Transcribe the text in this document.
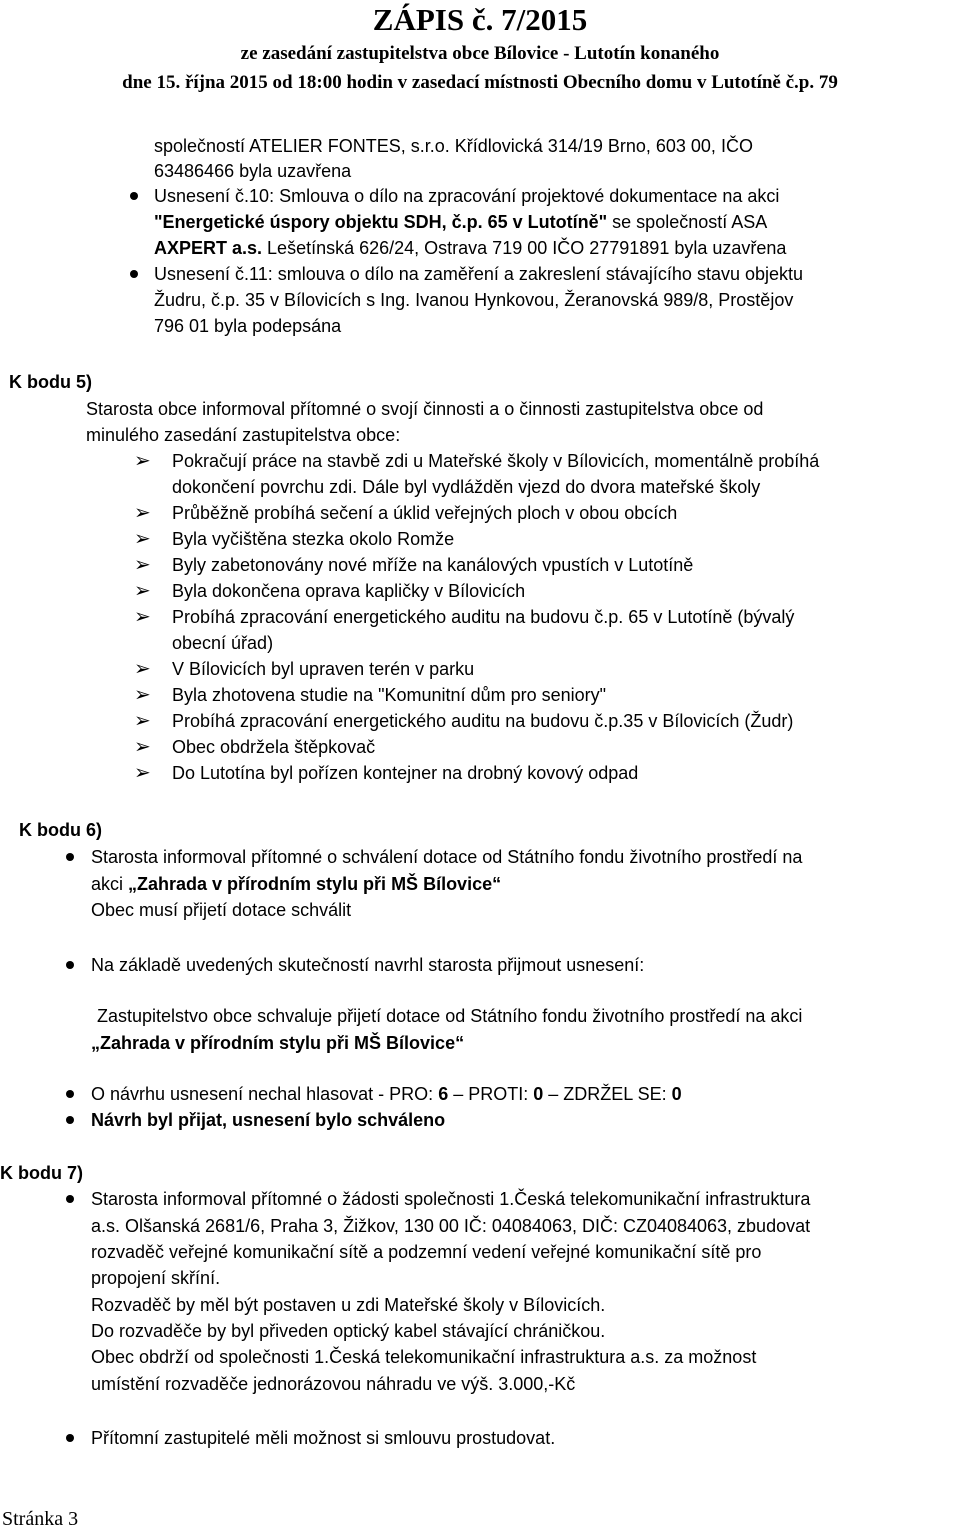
ZÁPIS č. 7/2015
ze zasedání zastupitelstva obce Bílovice - Lutotín konaného
dne 15. října 2015 od 18:00 hodin v zasedací místnosti Obecního domu v Lutotíně č.p. 79
společností ATELIER FONTES, s.r.o. Křídlovická 314/19 Brno, 603 00, IČO
63486466 byla uzavřena
Usnesení č.10: Smlouva o dílo na zpracování projektové dokumentace na akci
"Energetické úspory objektu SDH, č.p. 65 v Lutotíně" se společností ASA
AXPERT a.s. Lešetínská 626/24, Ostrava 719 00 IČO 27791891 byla uzavřena
Usnesení č.11: smlouva o dílo na zaměření a zakreslení stávajícího stavu objektu
Žudru, č.p. 35 v Bílovicích s Ing. Ivanou Hynkovou, Žeranovská 989/8, Prostějov
796 01 byla podepsána
K bodu 5)
Starosta obce informoval přítomné o svojí činnosti a o činnosti zastupitelstva obce od
minulého zasedání zastupitelstva obce:
➢ Pokračují práce na stavbě zdi u Mateřské školy v Bílovicích, momentálně probíhá
dokončení povrchu zdi. Dále byl vydlážděn vjezd do dvora mateřské školy
➢ Průběžně probíhá sečení a úklid veřejných ploch v obou obcích
➢ Byla vyčištěna stezka okolo Romže
➢ Byly zabetonovány nové mříže na kanálových vpustích v Lutotíně
➢ Byla dokončena oprava kapličky v Bílovicích
➢ Probíhá zpracování energetického auditu na budovu č.p. 65 v Lutotíně (bývalý
obecní úřad)
➢ V Bílovicích byl upraven terén v parku
➢ Byla zhotovena studie na "Komunitní dům pro seniory"
➢ Probíhá zpracování energetického auditu na budovu č.p.35 v Bílovicích (Žudr)
➢ Obec obdržela štěpkovač
➢ Do Lutotína byl pořízen kontejner na drobný kovový odpad
K bodu 6)
Starosta informoval přítomné o schválení dotace od Státního fondu životního prostředí na
akci „Zahrada v přírodním stylu při MŠ Bílovice“
Obec musí přijetí dotace schválit
Na základě uvedených skutečností navrhl starosta přijmout usnesení:
Zastupitelstvo obce schvaluje přijetí dotace od Státního fondu životního prostředí na akci
„Zahrada v přírodním stylu při MŠ Bílovice“
O návrhu usnesení nechal hlasovat - PRO: 6 – PROTI: 0 – ZDRŽEL SE: 0
Návrh byl přijat, usnesení bylo schváleno
K bodu 7)
Starosta informoval přítomné o žádosti společnosti 1.Česká telekomunikační infrastruktura
a.s. Olšanská 2681/6, Praha 3, Žižkov, 130 00 IČ: 04084063, DIČ: CZ04084063, zbudovat
rozvaděč veřejné komunikační sítě a podzemní vedení veřejné komunikační sítě pro
propojení skříní.
Rozvaděč by měl být postaven u zdi Mateřské školy v Bílovicích.
Do rozvaděče by byl přiveden optický kabel stávající chráničkou.
Obec obdrží od společnosti 1.Česká telekomunikační infrastruktura a.s. za možnost
umístění rozvaděče jednorázovou náhradu ve výš. 3.000,-Kč
Přítomní zastupitelé měli možnost si smlouvu prostudovat.
Stránka 3
